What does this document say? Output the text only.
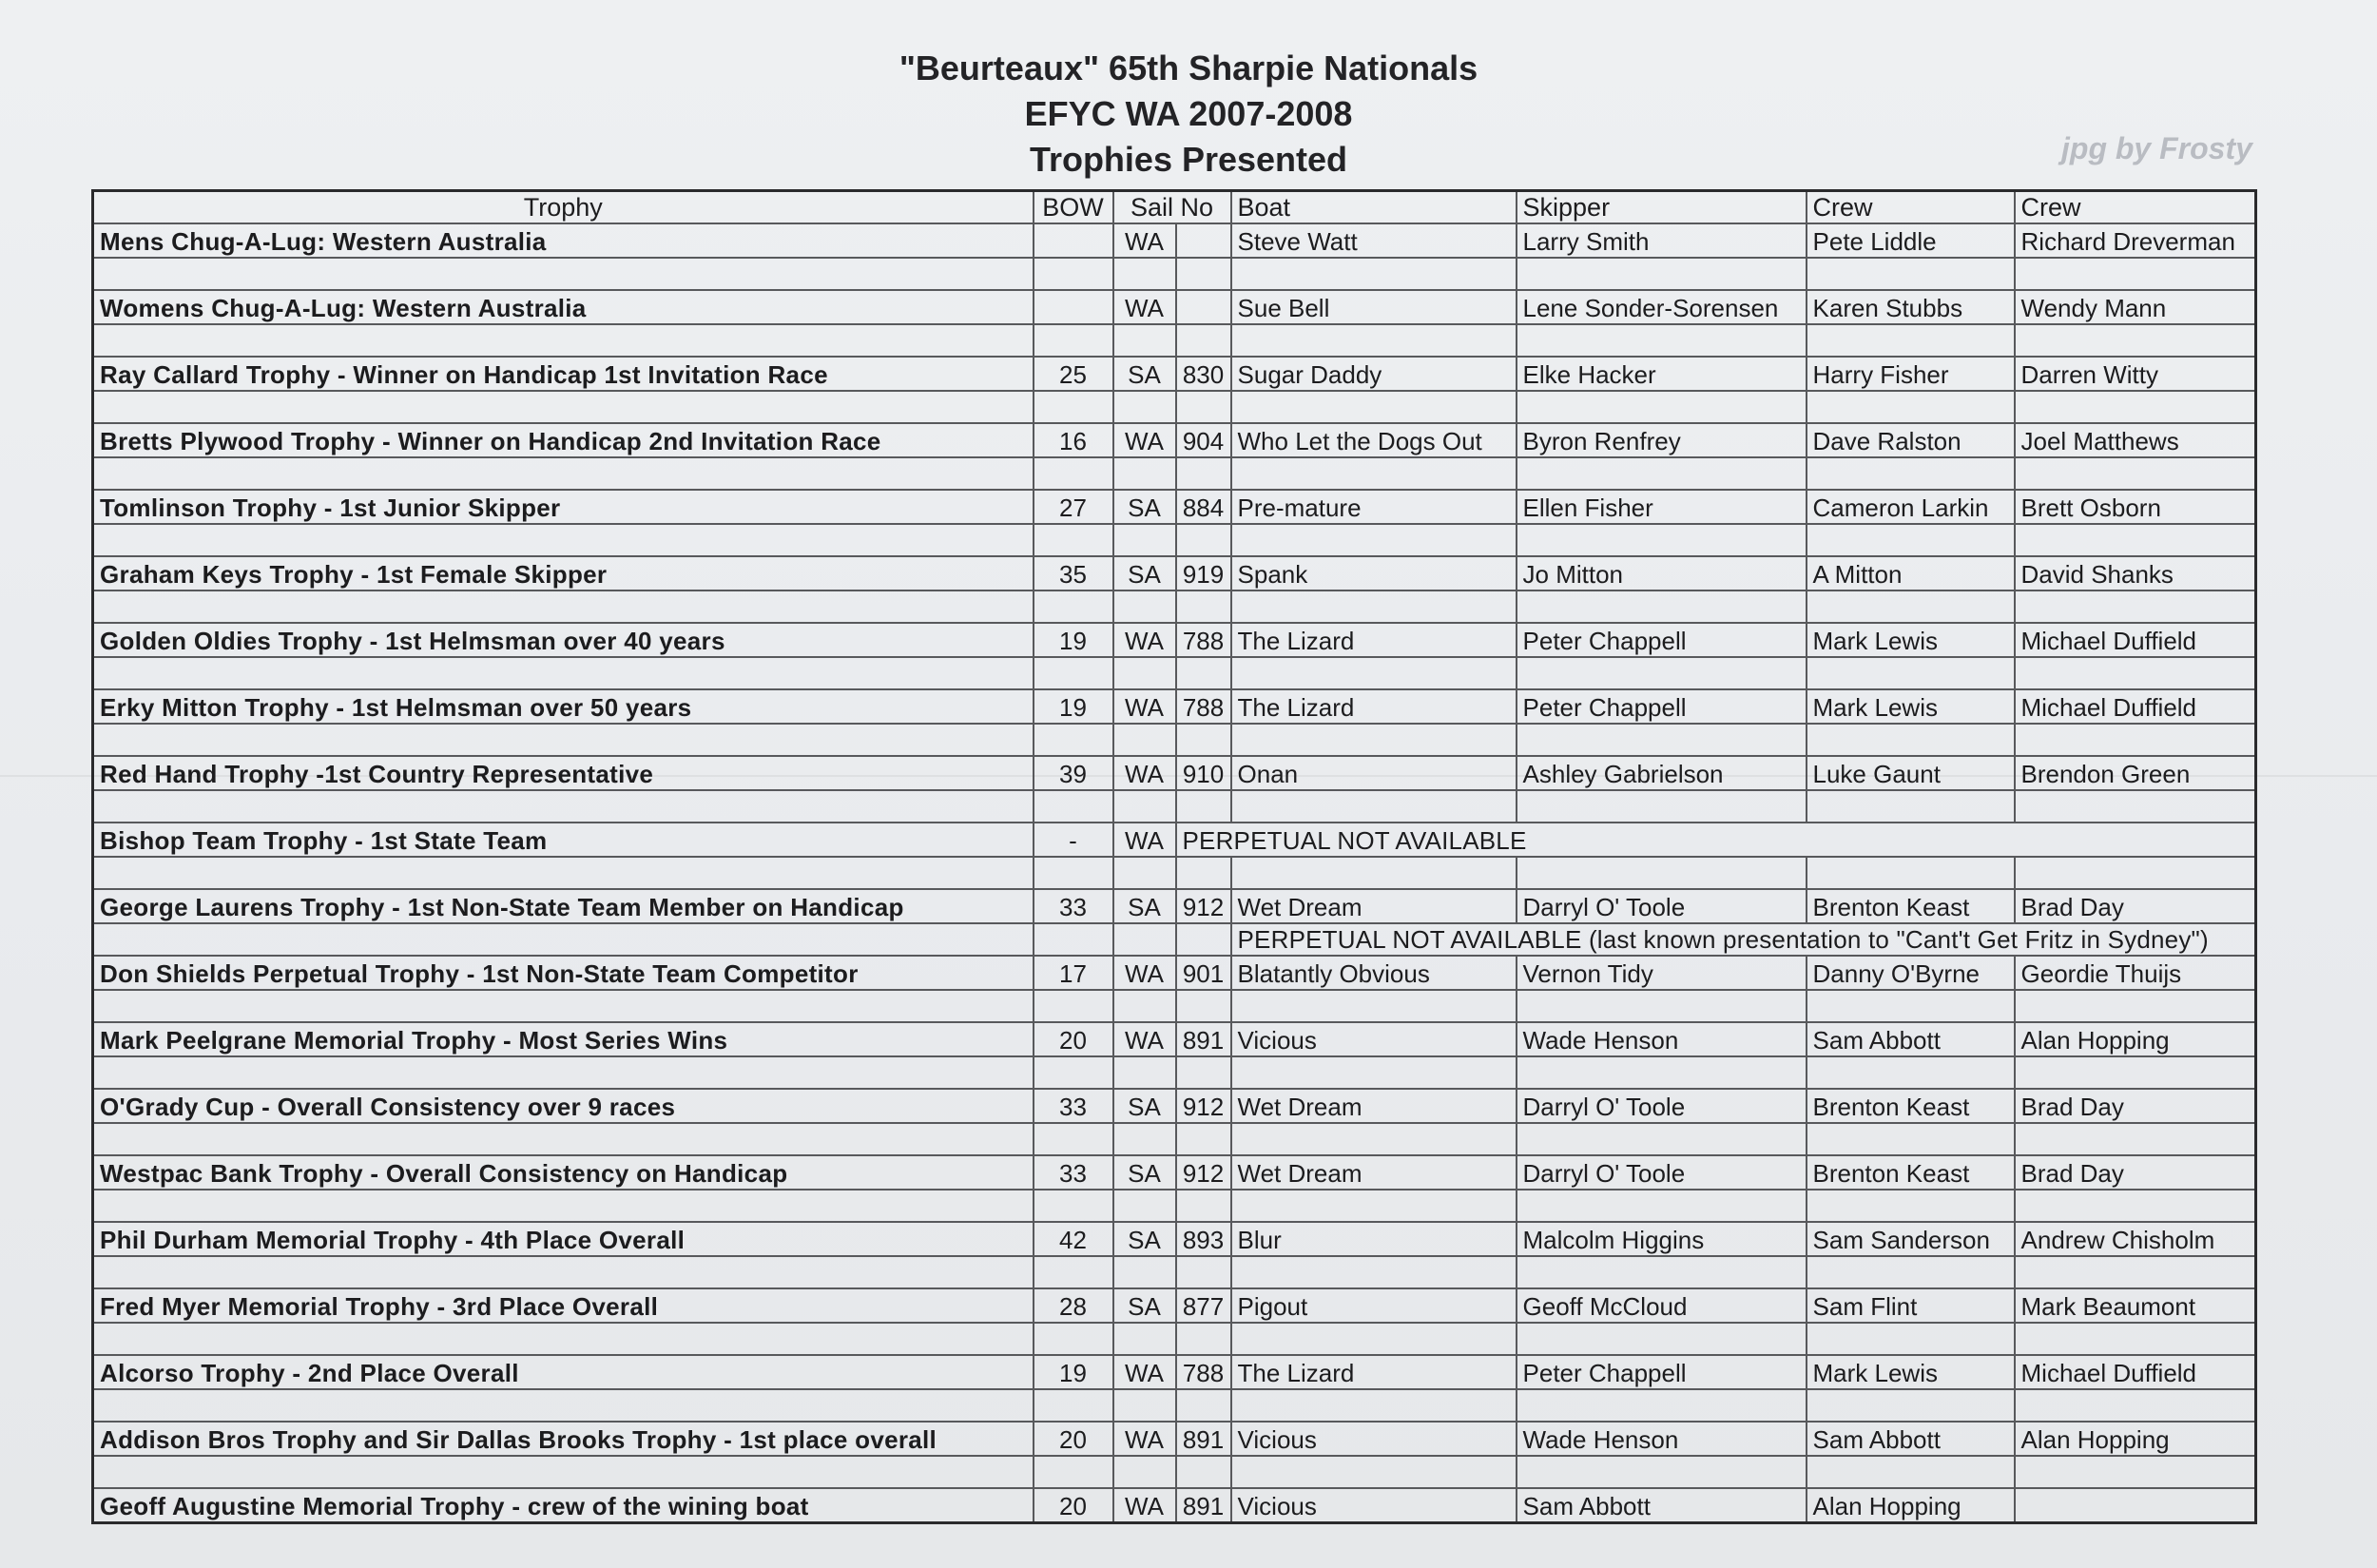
"Beurteaux" 65th Sharpie Nationals
EFYC WA 2007-2008
Trophies Presented	jpg by Frosty
Trophy	BOW	Sail No		Boat	Skipper	Crew	Crew
Mens Chug-A-Lug: Western Australia		WA		Steve Watt	Larry Smith	Pete Liddle	Richard Dreverman

Womens Chug-A-Lug: Western Australia		WA		Sue Bell	Lene Sonder-Sorensen	Karen Stubbs	Wendy Mann

Ray Callard Trophy - Winner on Handicap 1st Invitation Race	25	SA	830	Sugar Daddy	Elke Hacker	Harry Fisher	Darren Witty

Bretts Plywood Trophy - Winner on Handicap 2nd Invitation Race	16	WA	904	Who Let the Dogs Out	Byron Renfrey	Dave Ralston	Joel Matthews

Tomlinson Trophy - 1st Junior Skipper	27	SA	884	Pre-mature	Ellen Fisher	Cameron Larkin	Brett Osborn

Graham Keys Trophy - 1st Female Skipper	35	SA	919	Spank	Jo Mitton	A Mitton	David Shanks

Golden Oldies Trophy - 1st Helmsman over 40 years	19	WA	788	The Lizard	Peter Chappell	Mark Lewis	Michael Duffield

Erky Mitton Trophy - 1st Helmsman over 50 years	19	WA	788	The Lizard	Peter Chappell	Mark Lewis	Michael Duffield

Red Hand Trophy -1st Country Representative	39	WA	910	Onan	Ashley Gabrielson	Luke Gaunt	Brendon Green

Bishop Team Trophy - 1st State Team	-	WA	PERPETUAL NOT AVAILABLE				

George Laurens Trophy - 1st Non-State Team Member on Handicap	33	SA	912	Wet Dream	Darryl O' Toole	Brenton Keast	Brad Day
				PERPETUAL NOT AVAILABLE (last known presentation to "Cant't Get Fritz in Sydney")			
Don Shields Perpetual Trophy - 1st Non-State Team Competitor	17	WA	901	Blatantly Obvious	Vernon Tidy	Danny O'Byrne	Geordie Thuijs

Mark Peelgrane Memorial Trophy - Most Series Wins	20	WA	891	Vicious	Wade Henson	Sam Abbott	Alan Hopping

O'Grady Cup - Overall Consistency over 9 races	33	SA	912	Wet Dream	Darryl O' Toole	Brenton Keast	Brad Day

Westpac Bank Trophy - Overall Consistency on Handicap	33	SA	912	Wet Dream	Darryl O' Toole	Brenton Keast	Brad Day

Phil Durham Memorial Trophy - 4th Place Overall	42	SA	893	Blur	Malcolm Higgins	Sam Sanderson	Andrew Chisholm

Fred Myer Memorial Trophy - 3rd Place Overall	28	SA	877	Pigout	Geoff McCloud	Sam Flint	Mark Beaumont

Alcorso Trophy - 2nd Place Overall	19	WA	788	The Lizard	Peter Chappell	Mark Lewis	Michael Duffield

Addison Bros Trophy and Sir Dallas Brooks Trophy - 1st place overall	20	WA	891	Vicious	Wade Henson	Sam Abbott	Alan Hopping

Geoff Augustine Memorial Trophy - crew of the wining boat	20	WA	891	Vicious	Sam Abbott	Alan Hopping	
